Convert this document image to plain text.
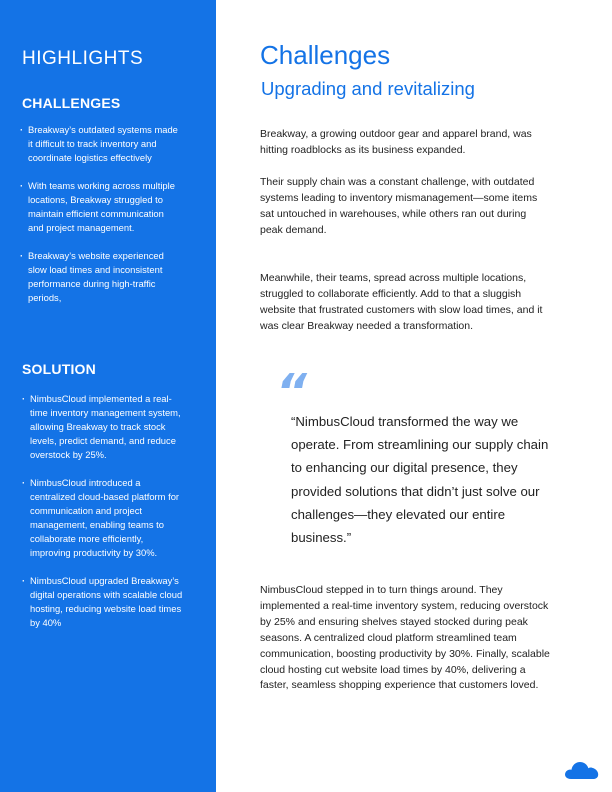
HIGHLIGHTS
CHALLENGES
· Breakway’s outdated systems made it difficult to track inventory and coordinate logistics effectively
· With teams working across multiple locations, Breakway struggled to maintain efficient communication and project management.
· Breakway’s website experienced slow load times and inconsistent performance during high-traffic periods,
SOLUTION
· NimbusCloud implemented a real-time inventory management system, allowing Breakway to track stock levels, predict demand, and reduce overstock by 25%.
· NimbusCloud introduced a centralized cloud-based platform for communication and project management, enabling teams to collaborate more efficiently, improving productivity by 30%.
· NimbusCloud upgraded Breakway’s digital operations with scalable cloud hosting, reducing website load times by 40%
Challenges
Upgrading and revitalizing

Breakway, a growing outdoor gear and apparel brand, was hitting roadblocks as its business expanded.

Their supply chain was a constant challenge, with outdated systems leading to inventory mismanagement—some items sat untouched in warehouses, while others ran out during peak demand.

Meanwhile, their teams, spread across multiple locations, struggled to collaborate efficiently. Add to that a sluggish website that frustrated customers with slow load times, and it was clear Breakway needed a transformation.

“

“NimbusCloud transformed the way we operate. From streamlining our supply chain to enhancing our digital presence, they provided solutions that didn’t just solve our challenges—they elevated our entire business.”

NimbusCloud stepped in to turn things around. They implemented a real-time inventory system, reducing overstock by 25% and ensuring shelves stayed stocked during peak seasons. A centralized cloud platform streamlined team communication, boosting productivity by 30%. Finally, scalable cloud hosting cut website load times by 40%, delivering a faster, seamless shopping experience that customers loved.
